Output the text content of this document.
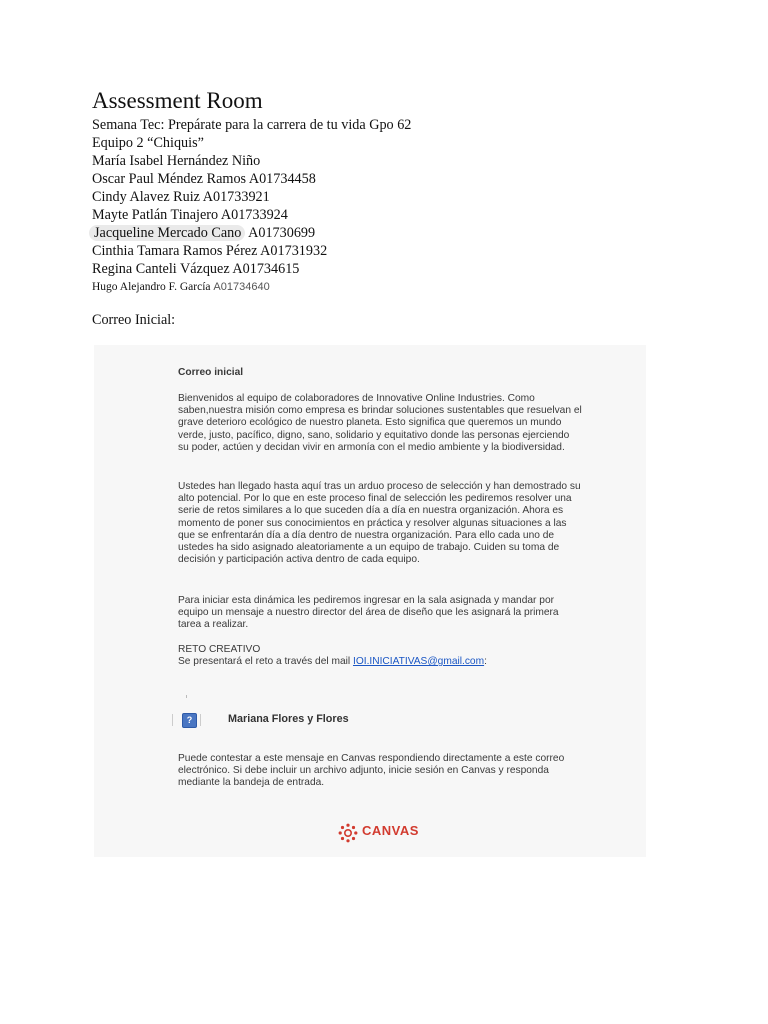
Assessment Room
Semana Tec: Prepárate para la carrera de tu vida Gpo 62
Equipo 2 “Chiquis”
María Isabel Hernández Niño
Oscar Paul Méndez Ramos A01734458
Cindy Alavez Ruiz A01733921
Mayte Patlán Tinajero A01733924
Jacqueline Mercado Cano A01730699
Cinthia Tamara Ramos Pérez A01731932
Regina Canteli Vázquez A01734615
Hugo Alejandro F. García A01734640
Correo Inicial:
Correo inicial
Bienvenidos al equipo de colaboradores de Innovative Online Industries. Como saben,nuestra misión como empresa es brindar soluciones sustentables que resuelvan el grave deterioro ecológico de nuestro planeta. Esto significa que queremos un mundo verde, justo, pacífico, digno, sano, solidario y equitativo donde las personas ejerciendo su poder, actúen y decidan vivir en armonía con el medio ambiente y la biodiversidad.
Ustedes han llegado hasta aquí tras un arduo proceso de selección y han demostrado su alto potencial. Por lo que en este proceso final de selección les pediremos resolver una serie de retos similares a lo que suceden día a día en nuestra organización. Ahora es momento de poner sus conocimientos en práctica y resolver algunas situaciones a las que se enfrentarán día a día dentro de nuestra organización. Para ello cada uno de ustedes ha sido asignado aleatoriamente a un equipo de trabajo. Cuiden su toma de decisión y participación activa dentro de cada equipo.
Para iniciar esta dinámica les pediremos ingresar en la sala asignada y mandar por equipo un mensaje a nuestro director del área de diseño que les asignará la primera tarea a realizar.
RETO CREATIVO
Se presentará el reto a través del mail IOI.INICIATIVAS@gmail.com:
?	Mariana Flores y Flores
Puede contestar a este mensaje en Canvas respondiendo directamente a este correo electrónico. Si debe incluir un archivo adjunto, inicie sesión en Canvas y responda mediante la bandeja de entrada.
CANVAS
